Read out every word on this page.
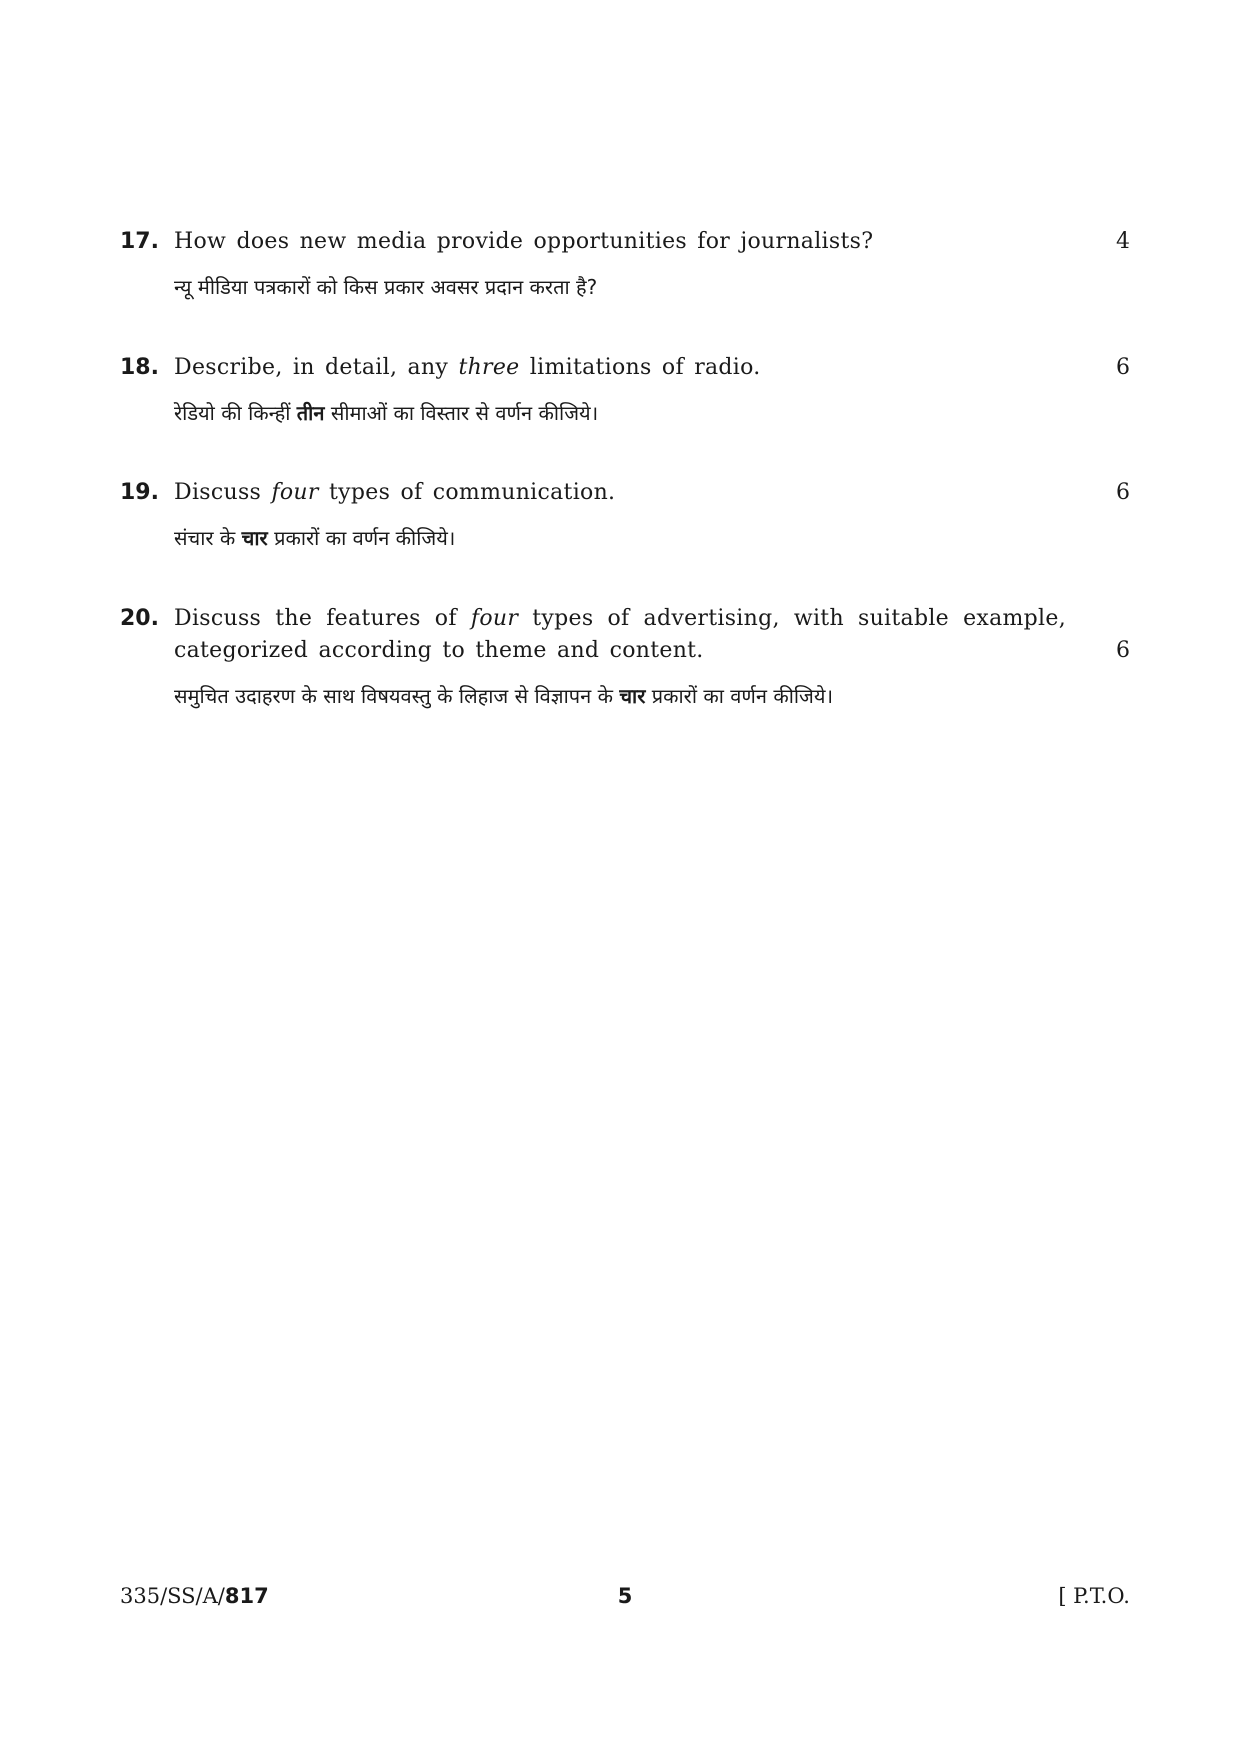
17. How does new media provide opportunities for journalists?	4
न्यू मीडिया पत्रकारों को किस प्रकार अवसर प्रदान करता है?
18. Describe, in detail, any three limitations of radio.	6
रेडियो की किन्हीं तीन सीमाओं का विस्तार से वर्णन कीजिये।
19. Discuss four types of communication.	6
संचार के चार प्रकारों का वर्णन कीजिये।
20. Discuss the features of four types of advertising, with suitable example, categorized according to theme and content.	6
समुचित उदाहरण के साथ विषयवस्तु के लिहाज से विज्ञापन के चार प्रकारों का वर्णन कीजिये।
335/SS/A/817	5	[ P.T.O.
